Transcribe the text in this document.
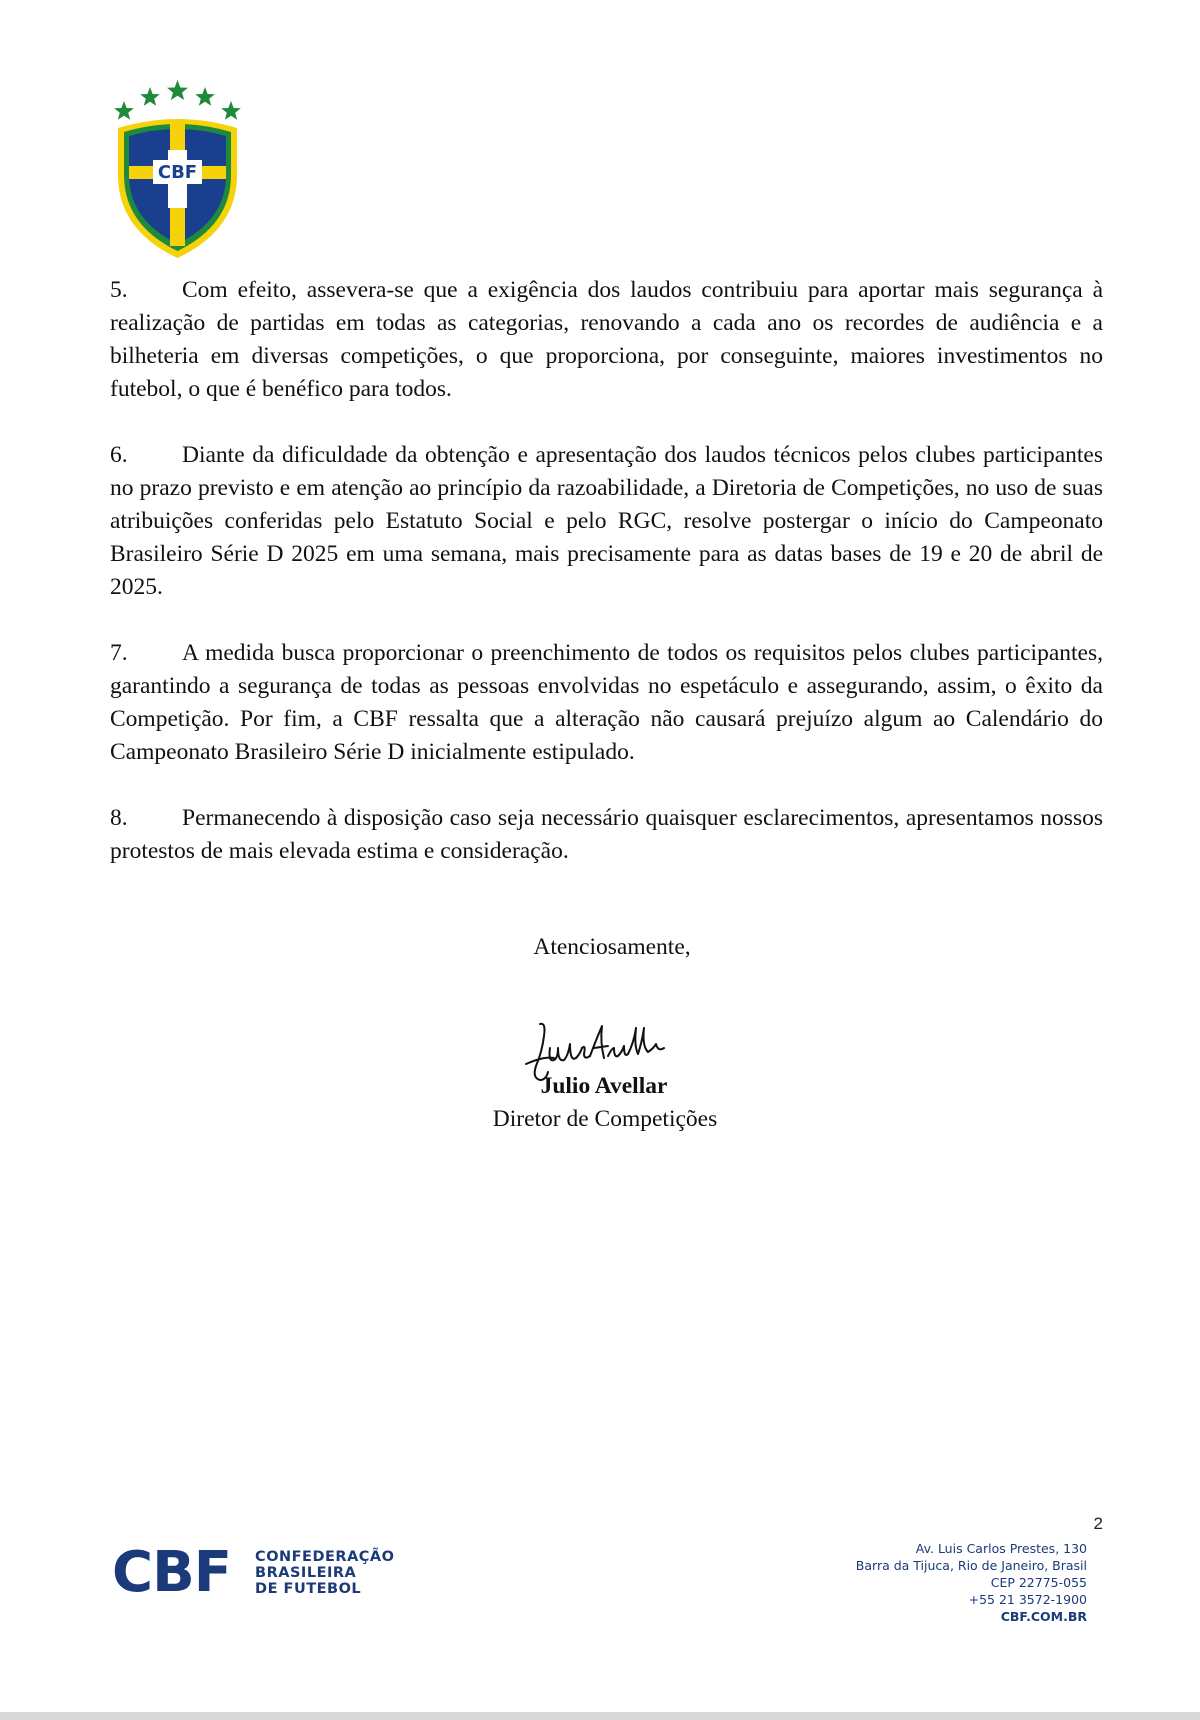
CBF

5. Com efeito, assevera-se que a exigência dos laudos contribuiu para aportar mais segurança à realização de partidas em todas as categorias, renovando a cada ano os recordes de audiência e a bilheteria em diversas competições, o que proporciona, por conseguinte, maiores investimentos no futebol, o que é benéfico para todos.

6. Diante da dificuldade da obtenção e apresentação dos laudos técnicos pelos clubes participantes no prazo previsto e em atenção ao princípio da razoabilidade, a Diretoria de Competições, no uso de suas atribuições conferidas pelo Estatuto Social e pelo RGC, resolve postergar o início do Campeonato Brasileiro Série D 2025 em uma semana, mais precisamente para as datas bases de 19 e 20 de abril de 2025.

7. A medida busca proporcionar o preenchimento de todos os requisitos pelos clubes participantes, garantindo a segurança de todas as pessoas envolvidas no espetáculo e assegurando, assim, o êxito da Competição. Por fim, a CBF ressalta que a alteração não causará prejuízo algum ao Calendário do Campeonato Brasileiro Série D inicialmente estipulado.

8. Permanecendo à disposição caso seja necessário quaisquer esclarecimentos, apresentamos nossos protestos de mais elevada estima e consideração.

Atenciosamente,
Julio Avellar
Diretor de Competições
CBF CONFEDERAÇÃO
BRASILEIRA
DE FUTEBOL
2
Av. Luis Carlos Prestes, 130
Barra da Tijuca, Rio de Janeiro, Brasil
CEP 22775-055
+55 21 3572-1900
CBF.COM.BR
